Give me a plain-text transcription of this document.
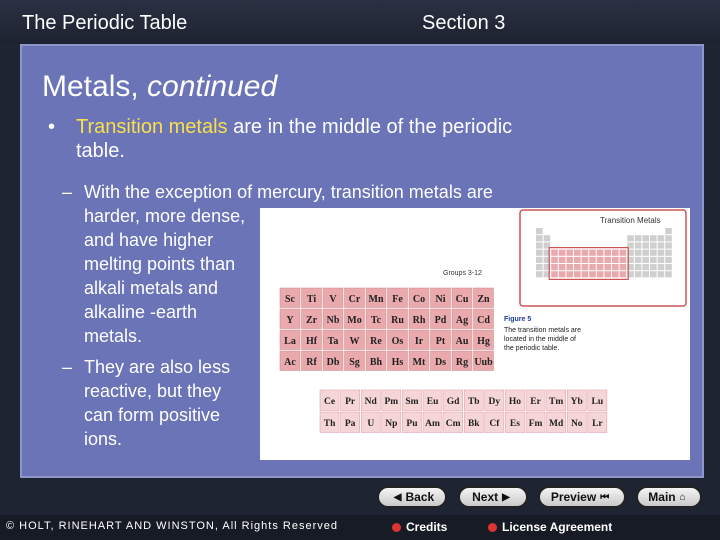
The Periodic Table	Section 3
Metals, continued
• Transition metals are in the middle of the periodic table.
– With the exception of mercury, transition metals are
harder, more dense, and have higher melting points than alkali metals and alkaline -earth metals.
– They are also less reactive, but they can form positive ions.
Transition Metals
Groups 3-12
Sc Ti V Cr Mn Fe Co Ni Cu Zn
Y Zr Nb Mo Tc Ru Rh Pd Ag Cd
La Hf Ta W Re Os Ir Pt Au Hg
Ac Rf Db Sg Bh Hs Mt Ds Rg Uub
Ce Pr Nd Pm Sm Eu Gd Tb Dy Ho Er Tm Yb Lu
Th Pa U Np Pu Am Cm Bk Cf Es Fm Md No Lr
Figure 5
The transition metals are
located in the middle of
the periodic table.
◀ Back	Next ▶	Preview ⏮	Main ⌂
© HOLT, RINEHART AND WINSTON, All Rights Reserved	Credits	License Agreement
